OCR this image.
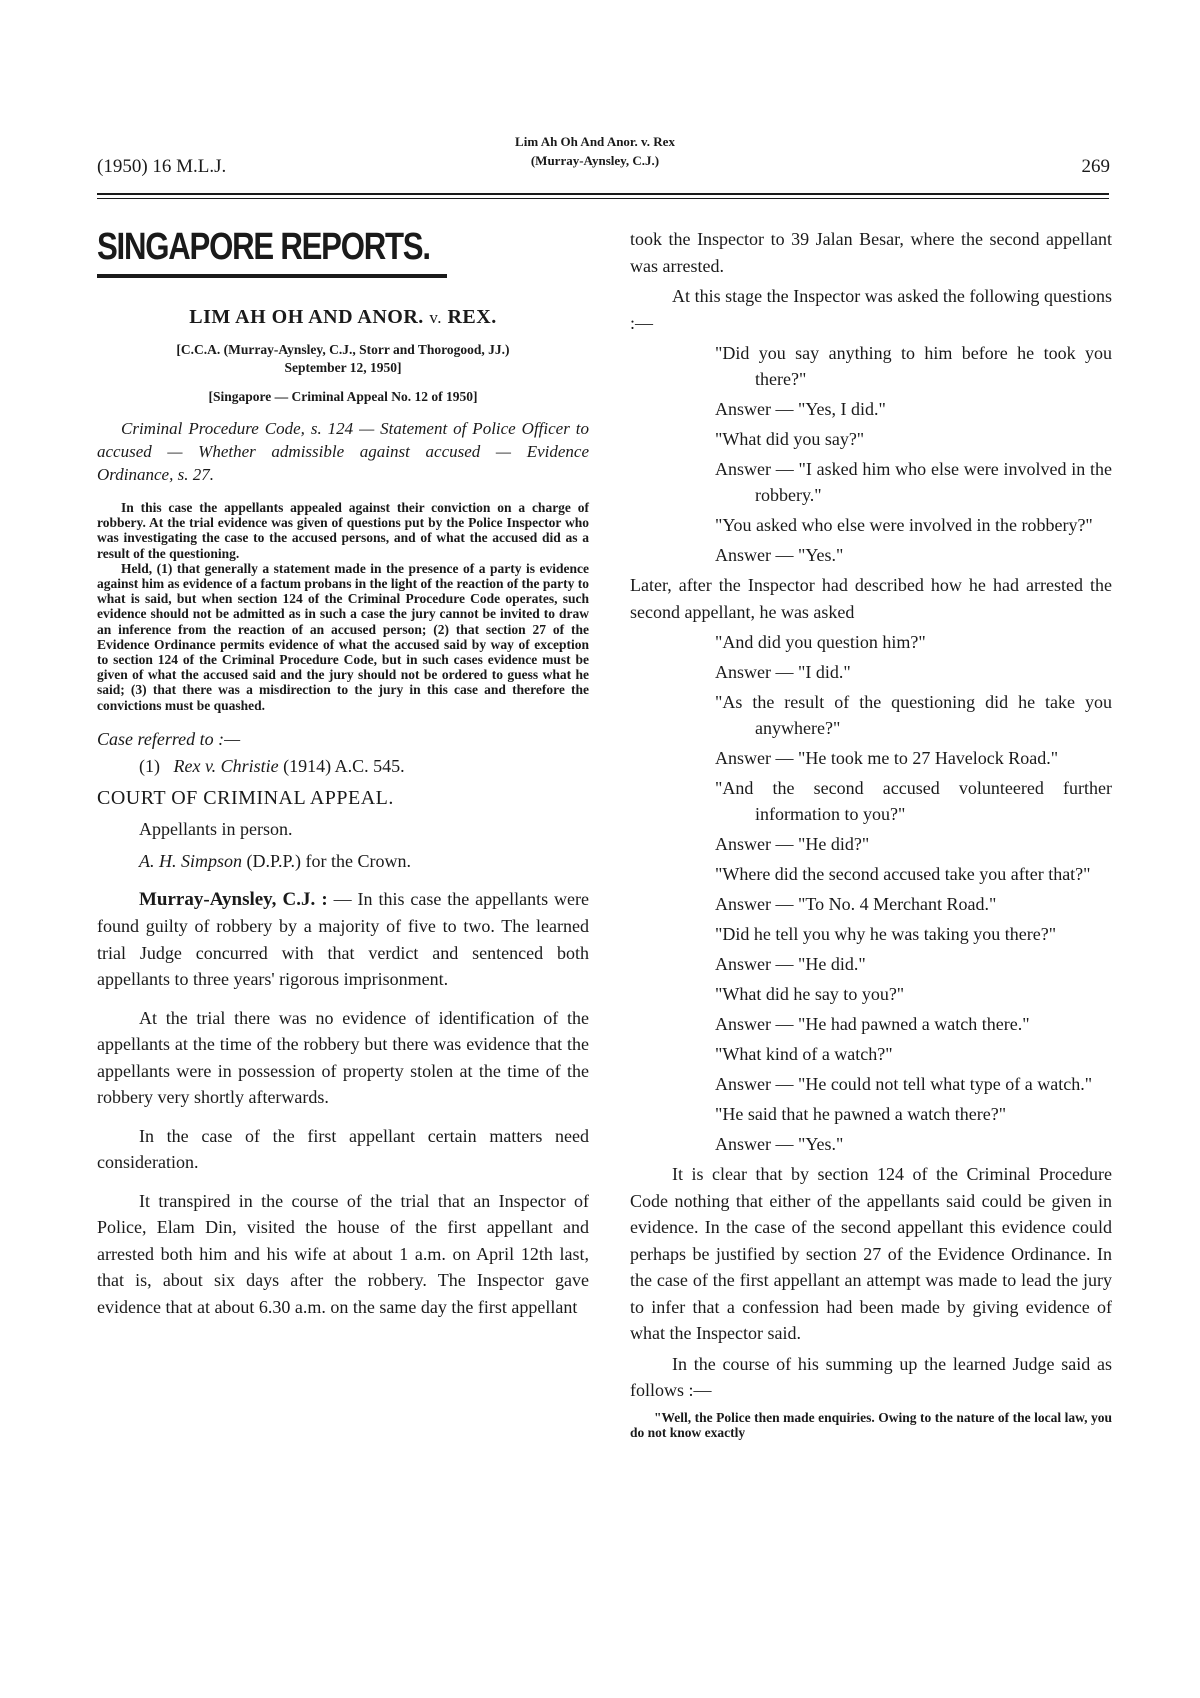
(1950) 16 M.L.J.
Lim Ah Oh And Anor. v. Rex
(Murray-Aynsley, C.J.)	269
SINGAPORE REPORTS.
LIM AH OH AND ANOR. v. REX.
[C.C.A. (Murray-Aynsley, C.J., Storr and Thorogood, JJ.)
September 12, 1950]
[Singapore — Criminal Appeal No. 12 of 1950]

Criminal Procedure Code, s. 124 — Statement of Police Officer to accused — Whether admissible against accused — Evidence Ordinance, s. 27.

In this case the appellants appealed against their conviction on a charge of robbery. At the trial evidence was given of questions put by the Police Inspector who was investigating the case to the accused persons, and of what the accused did as a result of the questioning.

Held, (1) that generally a statement made in the presence of a party is evidence against him as evidence of a factum probans in the light of the reaction of the party to what is said, but when section 124 of the Criminal Procedure Code operates, such evidence should not be admitted as in such a case the jury cannot be invited to draw an inference from the reaction of an accused person; (2) that section 27 of the Evidence Ordinance permits evidence of what the accused said by way of exception to section 124 of the Criminal Procedure Code, but in such cases evidence must be given of what the accused said and the jury should not be ordered to guess what he said; (3) that there was a misdirection to the jury in this case and therefore the convictions must be quashed.

Case referred to :—
(1) Rex v. Christie (1914) A.C. 545.
COURT OF CRIMINAL APPEAL.
Appellants in person.
A. H. Simpson (D.P.P.) for the Crown.

Murray-Aynsley, C.J. : — In this case the appellants were found guilty of robbery by a majority of five to two. The learned trial Judge concurred with that verdict and sentenced both appellants to three years' rigorous imprisonment.

At the trial there was no evidence of identification of the appellants at the time of the robbery but there was evidence that the appellants were in possession of property stolen at the time of the robbery very shortly afterwards.

In the case of the first appellant certain matters need consideration.

It transpired in the course of the trial that an Inspector of Police, Elam Din, visited the house of the first appellant and arrested both him and his wife at about 1 a.m. on April 12th last, that is, about six days after the robbery. The Inspector gave evidence that at about 6.30 a.m. on the same day the first appellant

took the Inspector to 39 Jalan Besar, where the second appellant was arrested.

At this stage the Inspector was asked the following questions :—

"Did you say anything to him before he took you there?"
Answer — "Yes, I did."
"What did you say?"
Answer — "I asked him who else were involved in the robbery."
"You asked who else were involved in the robbery?"
Answer — "Yes."

Later, after the Inspector had described how he had arrested the second appellant, he was asked

"And did you question him?"
Answer — "I did."
"As the result of the questioning did he take you anywhere?"
Answer — "He took me to 27 Havelock Road."
"And the second accused volunteered further information to you?"
Answer — "He did?"
"Where did the second accused take you after that?"
Answer — "To No. 4 Merchant Road."
"Did he tell you why he was taking you there?"
Answer — "He did."
"What did he say to you?"
Answer — "He had pawned a watch there."
"What kind of a watch?"
Answer — "He could not tell what type of a watch."
"He said that he pawned a watch there?"
Answer — "Yes."

It is clear that by section 124 of the Criminal Procedure Code nothing that either of the appellants said could be given in evidence. In the case of the second appellant this evidence could perhaps be justified by section 27 of the Evidence Ordinance. In the case of the first appellant an attempt was made to lead the jury to infer that a confession had been made by giving evidence of what the Inspector said.

In the course of his summing up the learned Judge said as follows :—

"Well, the Police then made enquiries. Owing to the nature of the local law, you do not know exactly
